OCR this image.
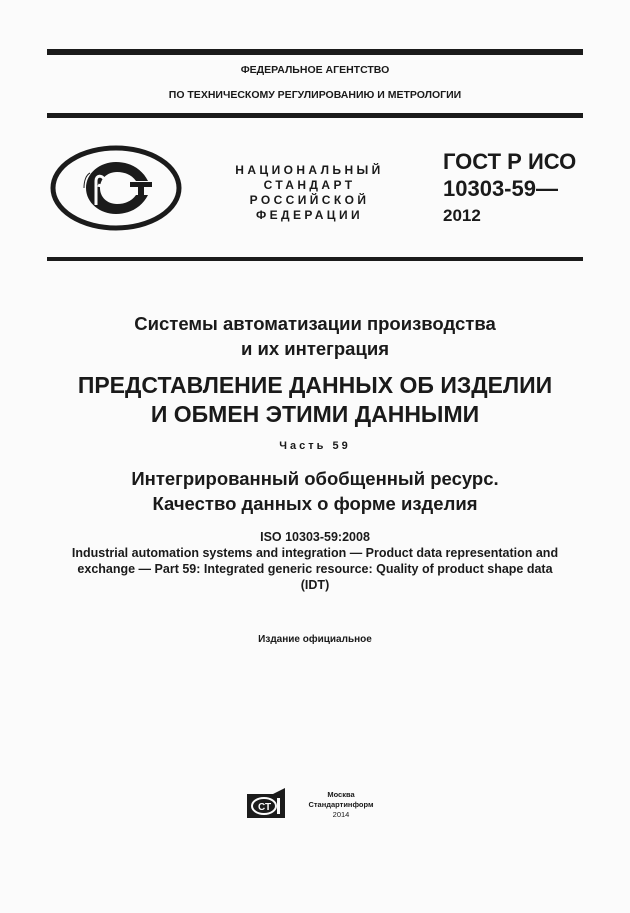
ФЕДЕРАЛЬНОЕ АГЕНТСТВО
ПО ТЕХНИЧЕСКОМУ РЕГУЛИРОВАНИЮ И МЕТРОЛОГИИ
НАЦИОНАЛЬНЫЙ
СТАНДАРТ
РОССИЙСКОЙ
ФЕДЕРАЦИИ
ГОСТ Р ИСО
10303-59—
2012
Системы автоматизации производства
и их интеграция
ПРЕДСТАВЛЕНИЕ ДАННЫХ ОБ ИЗДЕЛИИ
И ОБМЕН ЭТИМИ ДАННЫМИ
Часть 59
Интегрированный обобщенный ресурс.
Качество данных о форме изделия
ISO 10303-59:2008
Industrial automation systems and integration — Product data representation and
exchange — Part 59: Integrated generic resource: Quality of product shape data
(IDT)
Издание официальное
СТ
Москва
Стандартинформ
2014
